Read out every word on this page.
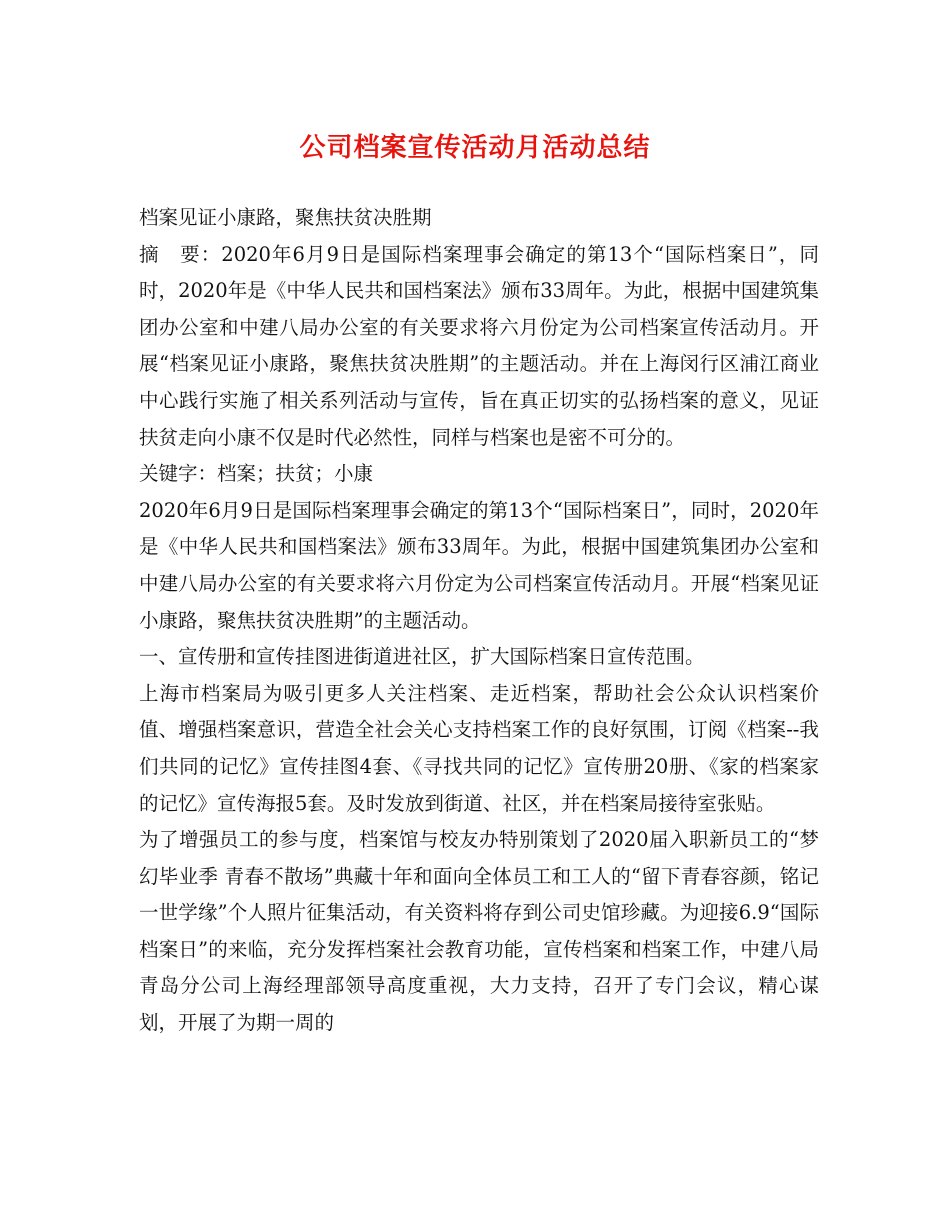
公司档案宣传活动月活动总结

档案见证小康路，聚焦扶贫决胜期

摘　要：2020年6月9日是国际档案理事会确定的第13个“国际档案日”，同时，2020年是《中华人民共和国档案法》颁布33周年。为此，根据中国建筑集团办公室和中建八局办公室的有关要求将六月份定为公司档案宣传活动月。开展“档案见证小康路，聚焦扶贫决胜期”的主题活动。并在上海闵行区浦江商业中心践行实施了相关系列活动与宣传，旨在真正切实的弘扬档案的意义，见证扶贫走向小康不仅是时代必然性，同样与档案也是密不可分的。

关键字：档案；扶贫；小康

2020年6月9日是国际档案理事会确定的第13个“国际档案日”，同时，2020年是《中华人民共和国档案法》颁布33周年。为此，根据中国建筑集团办公室和中建八局办公室的有关要求将六月份定为公司档案宣传活动月。开展“档案见证小康路，聚焦扶贫决胜期”的主题活动。

一、宣传册和宣传挂图进街道进社区，扩大国际档案日宣传范围。

上海市档案局为吸引更多人关注档案、走近档案，帮助社会公众认识档案价值、增强档案意识，营造全社会关心支持档案工作的良好氛围，订阅《档案--我们共同的记忆》宣传挂图4套、《寻找共同的记忆》宣传册20册、《家的档案家的记忆》宣传海报5套。及时发放到街道、社区，并在档案局接待室张贴。

为了增强员工的参与度，档案馆与校友办特别策划了2020届入职新员工的“梦幻毕业季 青春不散场”典藏十年和面向全体员工和工人的“留下青春容颜，铭记一世学缘”个人照片征集活动，有关资料将存到公司史馆珍藏。为迎接6.9“国际档案日”的来临，充分发挥档案社会教育功能，宣传档案和档案工作，中建八局青岛分公司上海经理部领导高度重视，大力支持，召开了专门会议，精心谋划，开展了为期一周的
